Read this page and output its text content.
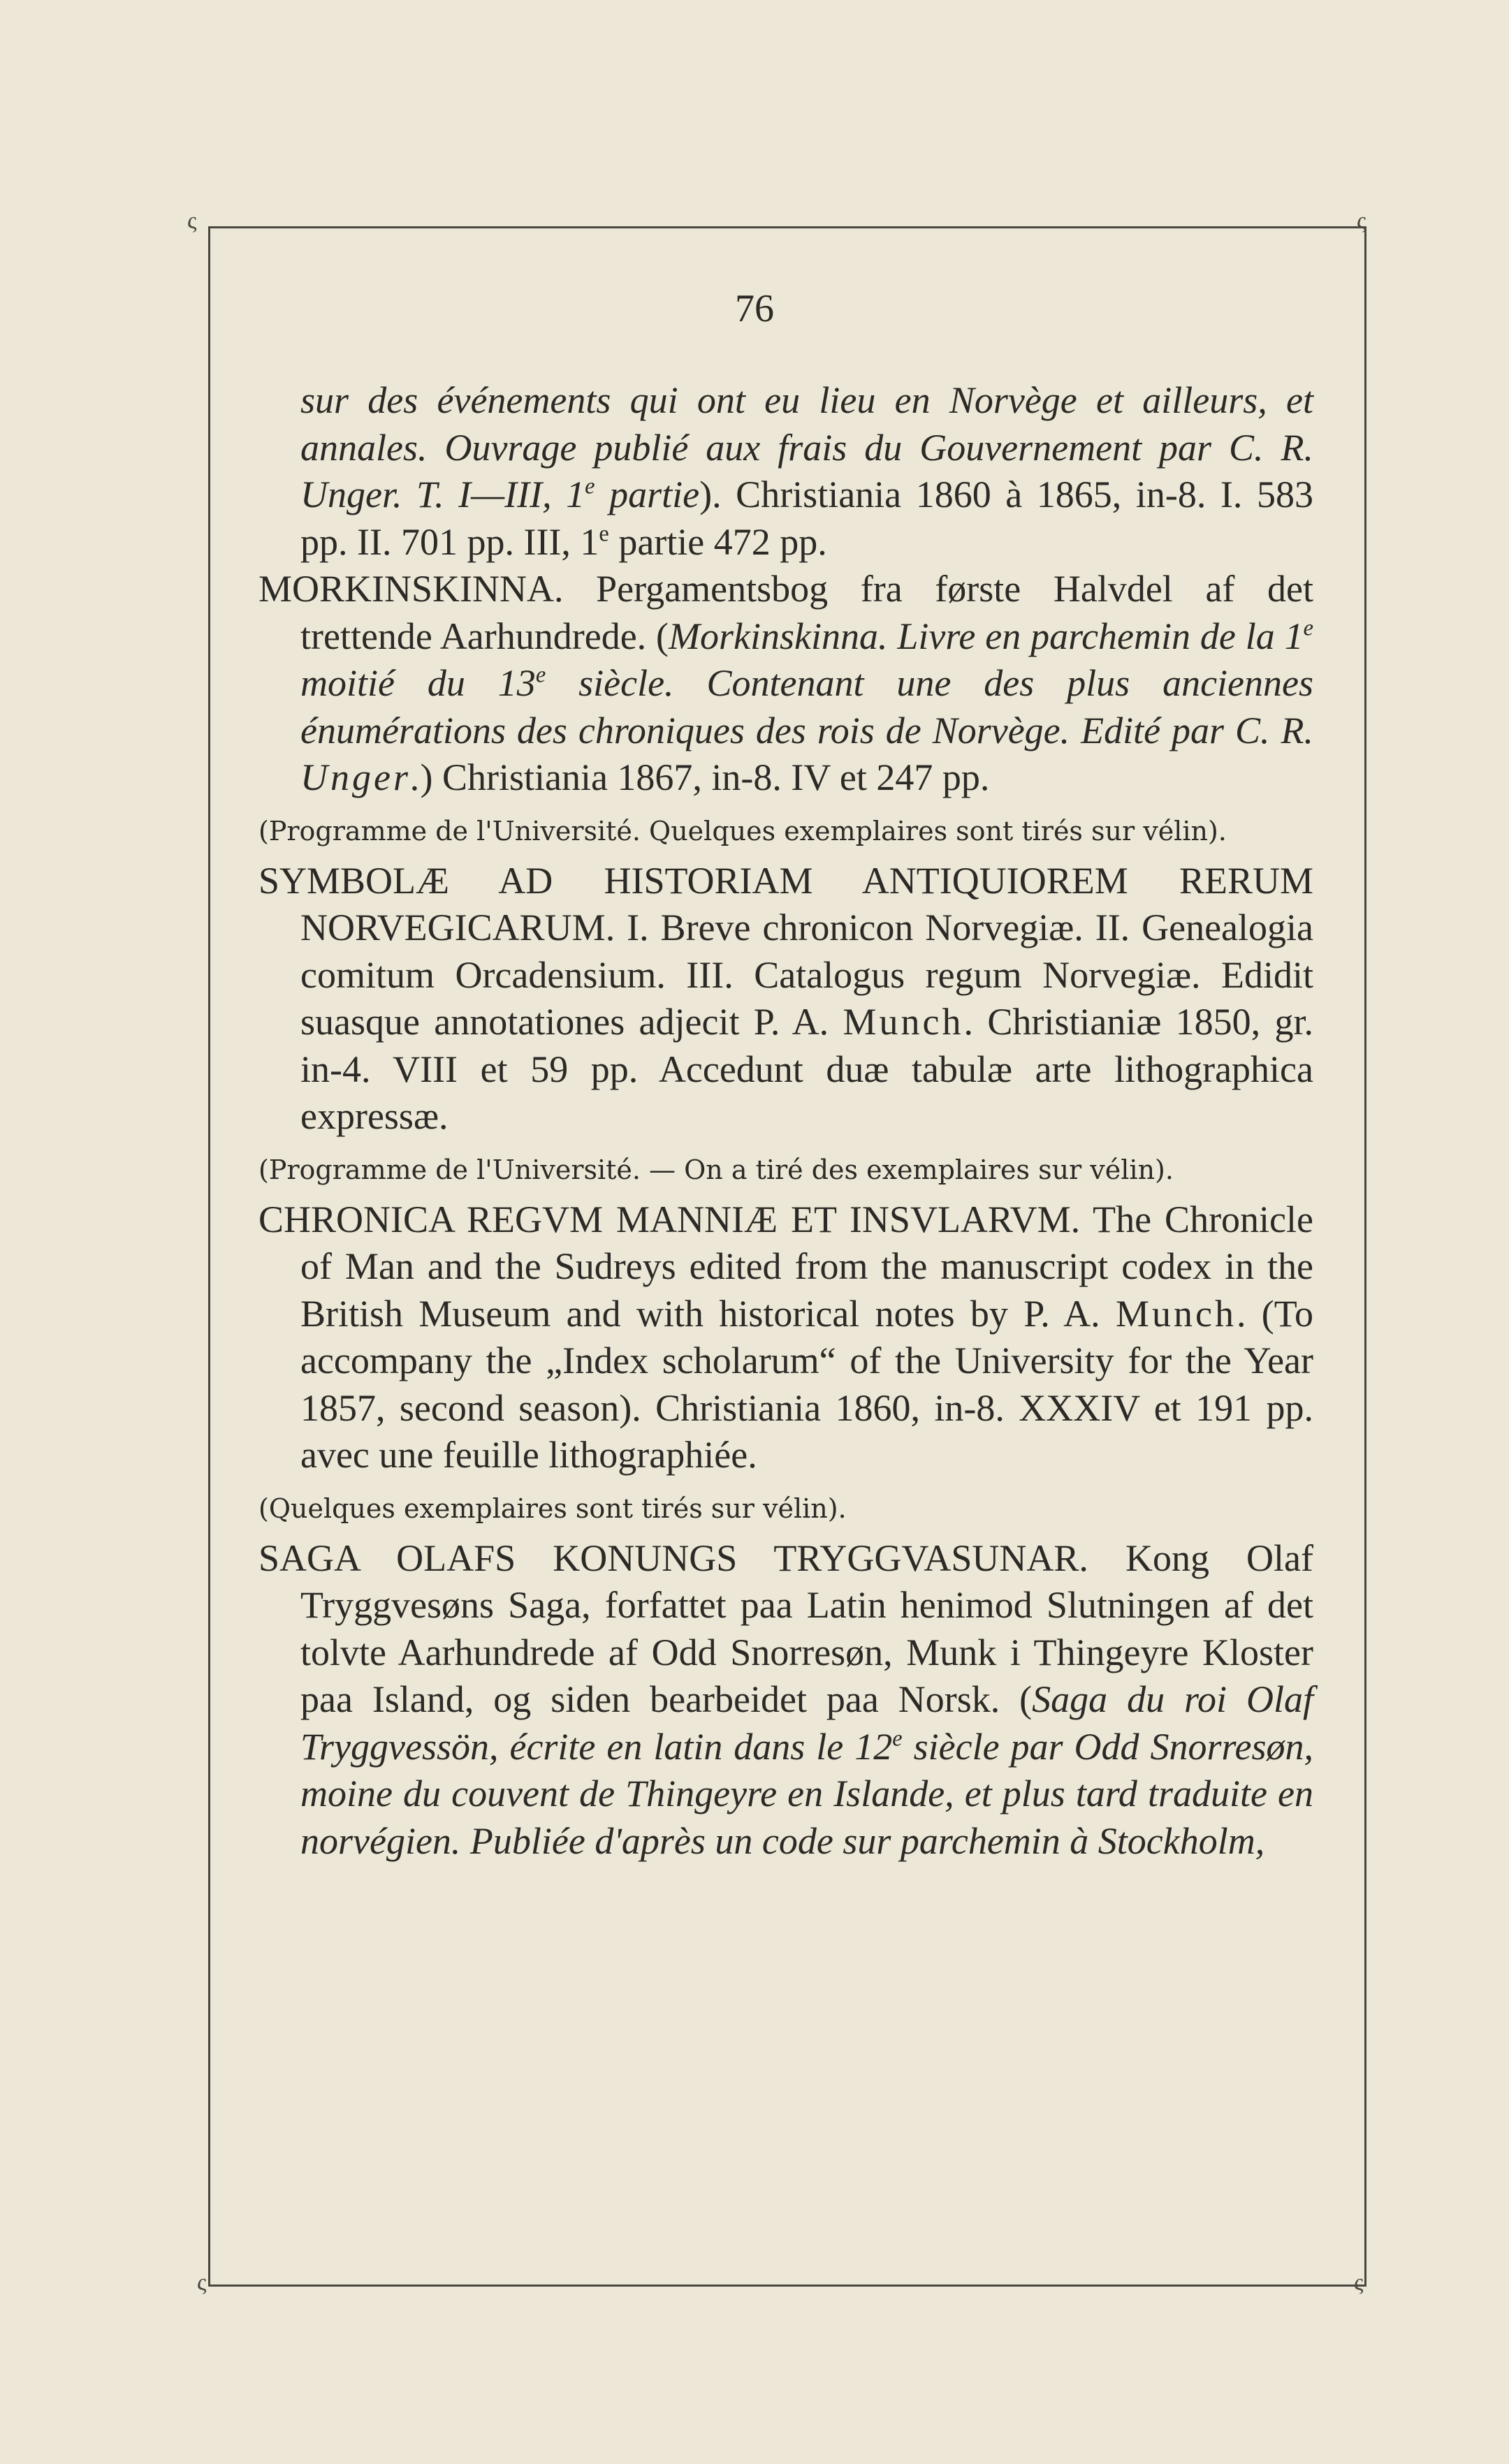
ς	ς
ς	ς
76

sur des événements qui ont eu lieu en Norvège et ailleurs, et annales. Ouvrage publié aux frais du Gouvernement par C. R. Unger. T. I—III, 1e partie). Christiania 1860 à 1865, in-8. I. 583 pp. II. 701 pp. III, 1e partie 472 pp.

MORKINSKINNA. Pergamentsbog fra første Halvdel af det trettende Aarhundrede. (Morkinskinna. Livre en parchemin de la 1e moitié du 13e siècle. Contenant une des plus anciennes énumérations des chroniques des rois de Norvège. Edité par C. R. Unger.) Christiania 1867, in-8. IV et 247 pp.

(Programme de l'Université. Quelques exemplaires sont tirés sur vélin).

SYMBOLÆ AD HISTORIAM ANTIQUIOREM RERUM NORVEGICARUM. I. Breve chronicon Norvegiæ. II. Genealogia comitum Orcadensium. III. Catalogus regum Norvegiæ. Edidit suasque annotationes adjecit P. A. Munch. Christianiæ 1850, gr. in-4. VIII et 59 pp. Accedunt duæ tabulæ arte lithographica expressæ.

(Programme de l'Université. — On a tiré des exemplaires sur vélin).

CHRONICA REGVM MANNIÆ ET INSVLARVM. The Chronicle of Man and the Sudreys edited from the manuscript codex in the British Museum and with historical notes by P. A. Munch. (To accompany the „Index scholarum“ of the University for the Year 1857, second season). Christiania 1860, in-8. XXXIV et 191 pp. avec une feuille lithographiée.

(Quelques exemplaires sont tirés sur vélin).

SAGA OLAFS KONUNGS TRYGGVASUNAR. Kong Olaf Tryggvesøns Saga, forfattet paa Latin henimod Slutningen af det tolvte Aarhundrede af Odd Snorresøn, Munk i Thingeyre Kloster paa Island, og siden bearbeidet paa Norsk. (Saga du roi Olaf Tryggvessön, écrite en latin dans le 12e siècle par Odd Snorresøn, moine du couvent de Thingeyre en Islande, et plus tard traduite en norvégien. Publiée d'après un code sur parchemin à Stockholm,
